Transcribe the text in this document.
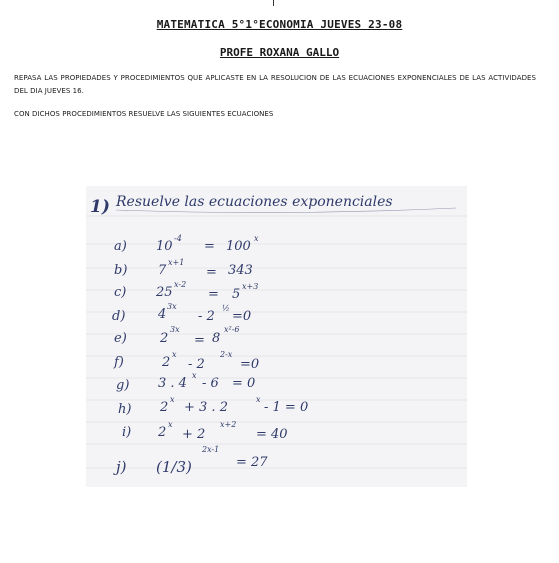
MATEMATICA 5°1°ECONOMIA JUEVES 23-08
PROFE ROXANA GALLO
REPASA LAS PROPIEDADES Y PROCEDIMIENTOS QUE APLICASTE EN LA RESOLUCION DE LAS ECUACIONES EXPONENCIALES DE LAS ACTIVIDADES DEL DIA JUEVES 16.
CON DICHOS PROCEDIMIENTOS RESUELVE LAS SIGUIENTES ECUACIONES
1) Resuelve las ecuaciones exponenciales
a) 10
-4
= 100
x
b) 7
x+1
= 343
c) 25
x-2
= 5
x+3
d)	4
3x
- 2
½
=0
e)	2
3x
= 8
x²-6
f)	2
x
- 2
2-x
=0
g) 3 . 4
x
- 6 = 0
h) 2
x
+ 3 . 2
x
- 1 = 0
i) 2
x
+ 2
x+2
= 40
j) (1/3)
2x-1
= 27
